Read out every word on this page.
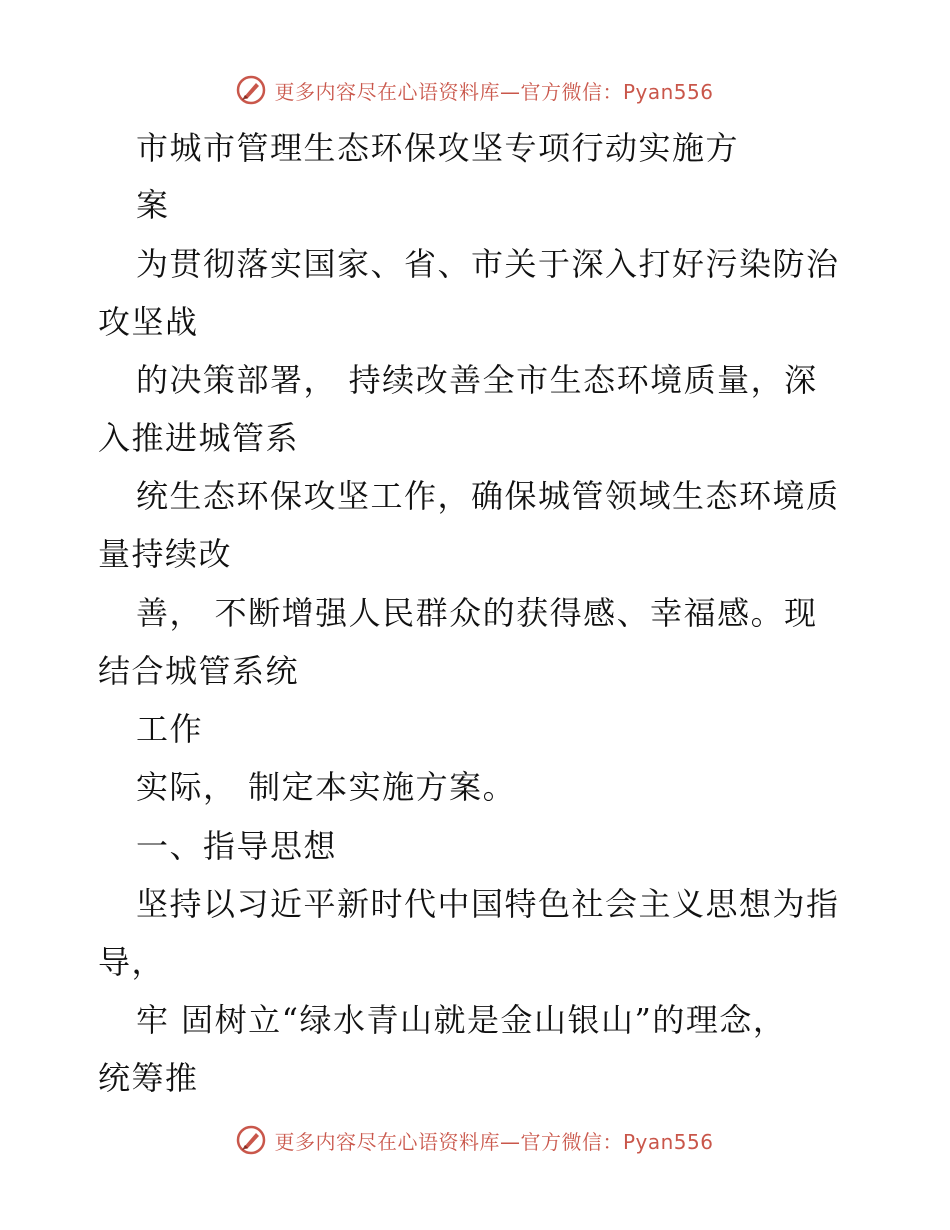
更多内容尽在心语资料库—官方微信：Pyan556
市城市管理生态环保攻坚专项行动实施方
案
为贯彻落实国家、省、市关于深入打好污染防治
攻坚战
的决策部署， 持续改善全市生态环境质量，深
入推进城管系
统生态环保攻坚工作，确保城管领域生态环境质
量持续改
善， 不断增强人民群众的获得感、幸福感。现
结合城管系统
工作
实际， 制定本实施方案。
一、指导思想
坚持以习近平新时代中国特色社会主义思想为指
导，
牢 固树立“绿水青山就是金山银山”的理念，
统筹推
更多内容尽在心语资料库—官方微信：Pyan556
